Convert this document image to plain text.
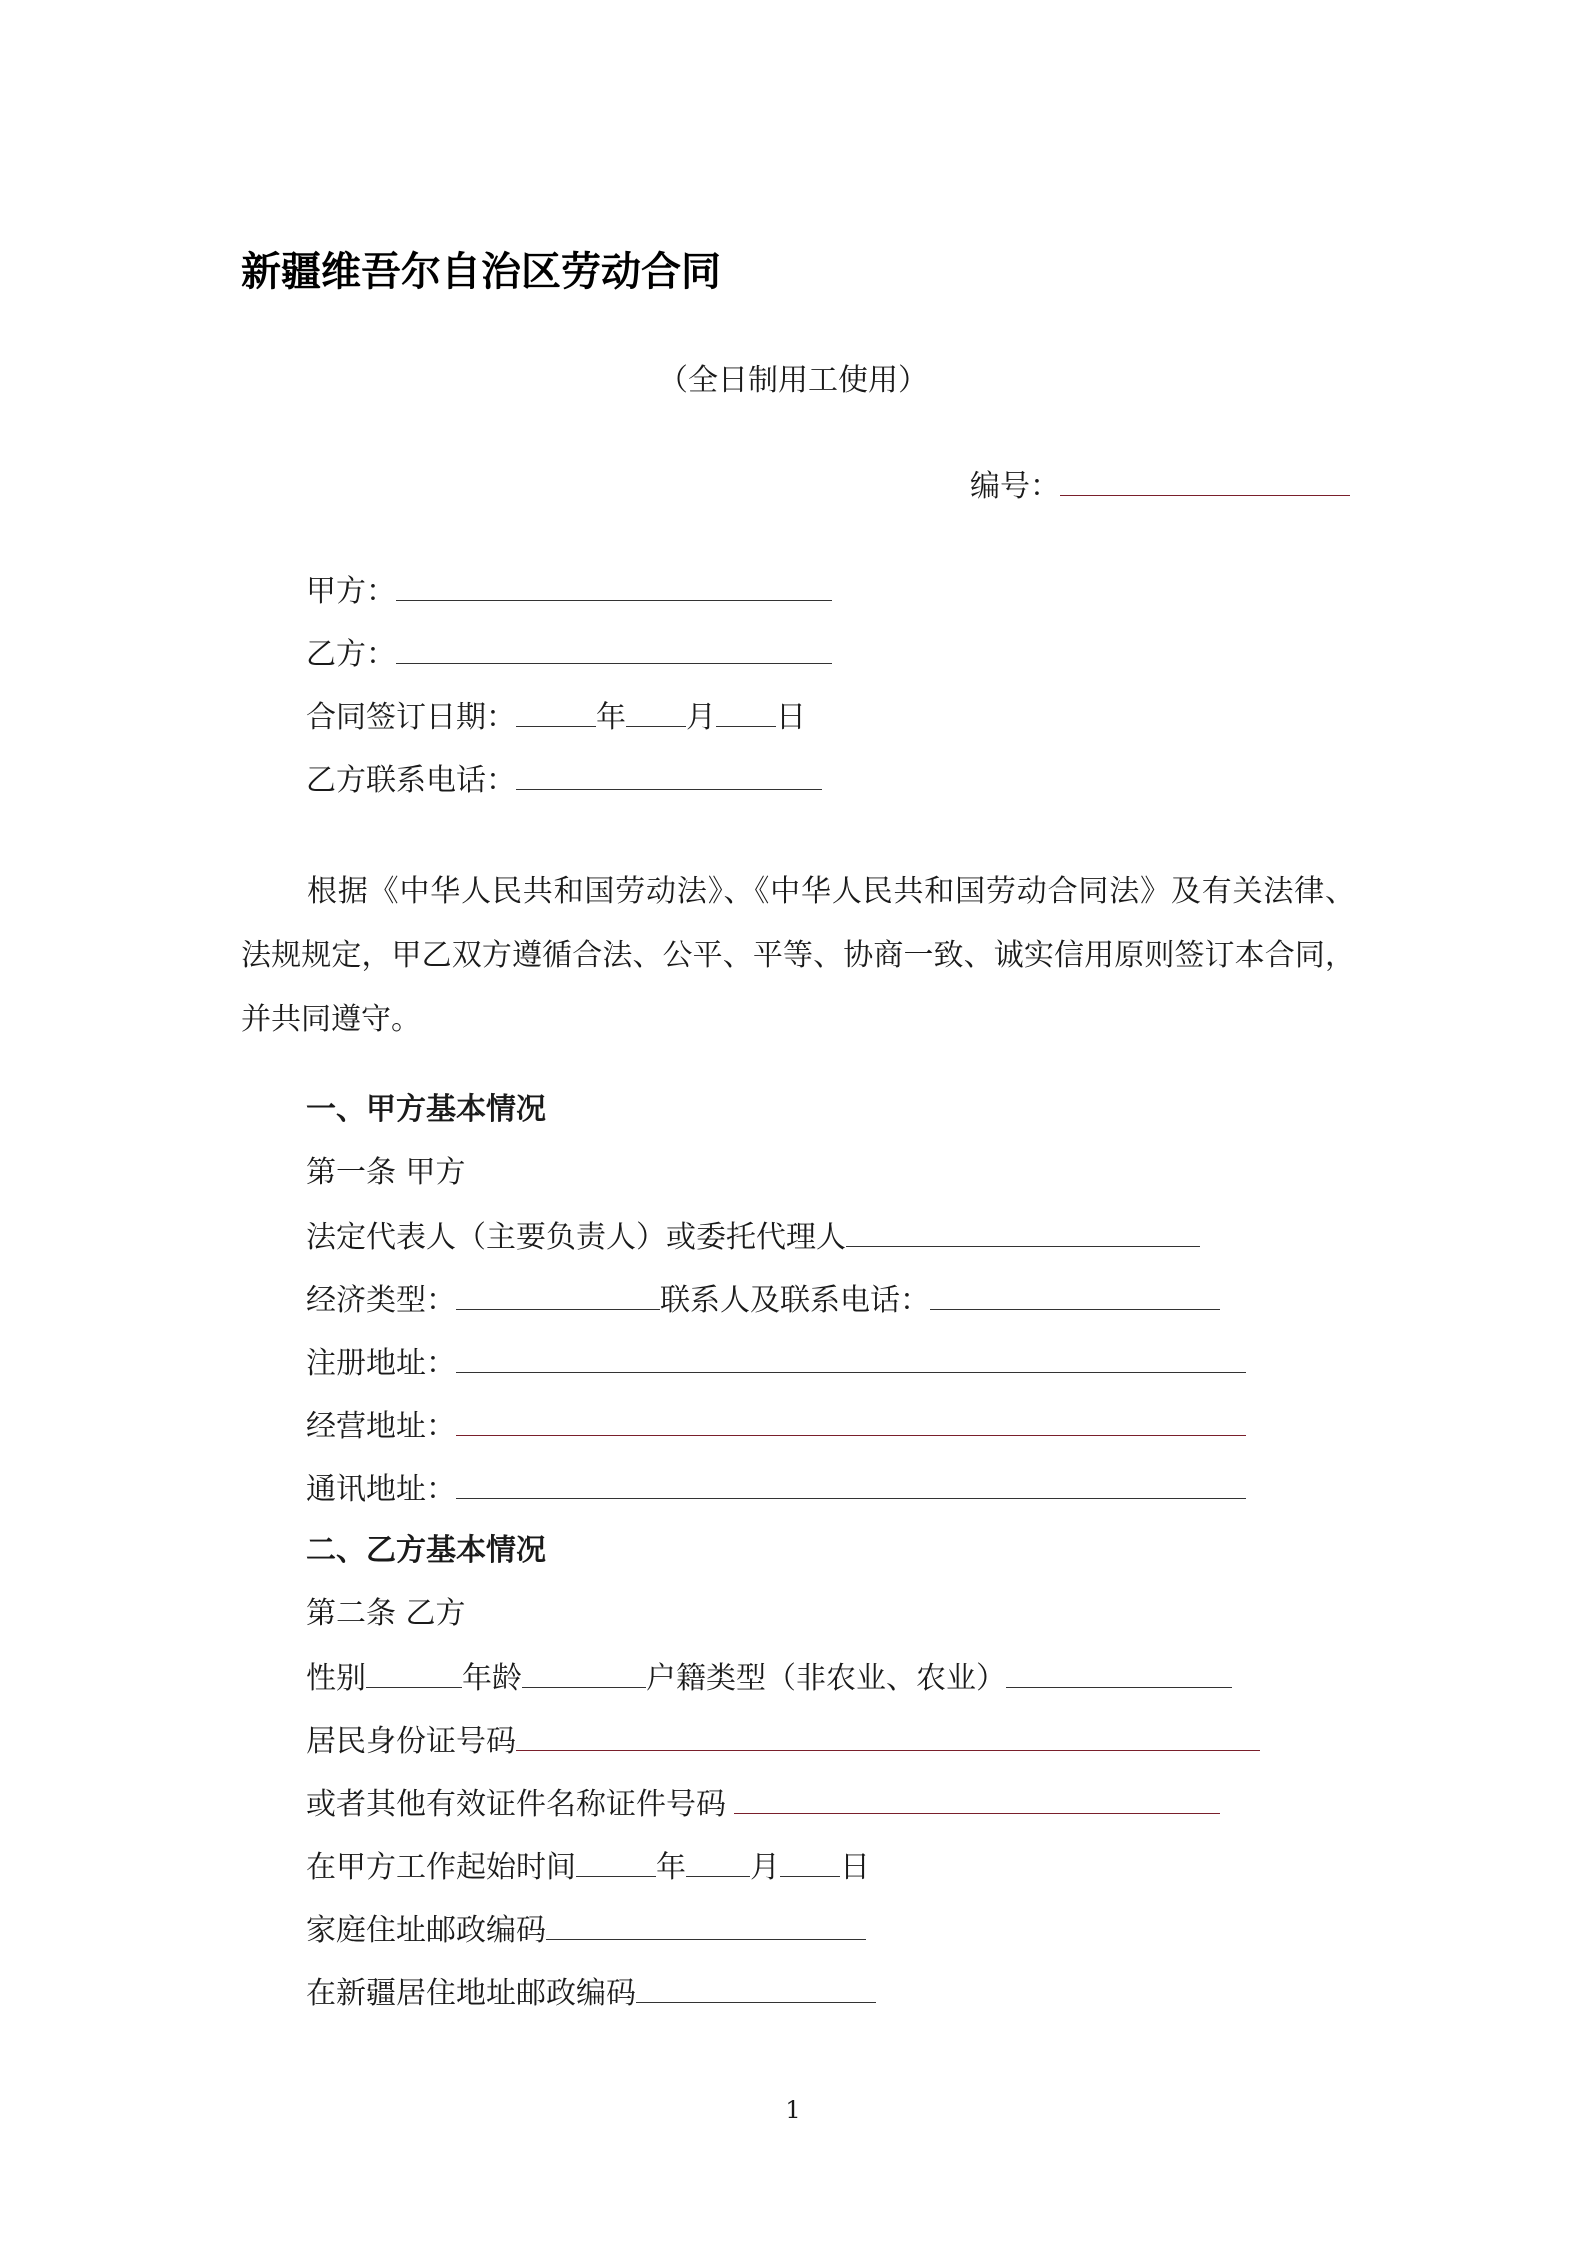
新疆维吾尔自治区劳动合同
（全日制用工使用）
编号：
甲方：
乙方：
合同签订日期：	年 月 日
乙方联系电话：
根据《中华人民共和国劳动法》、《中华人民共和国劳动合同法》及有关法律、法规规定，甲乙双方遵循合法、公平、平等、协商一致、诚实信用原则签订本合同，并共同遵守。
一、甲方基本情况
第一条 甲方
法定代表人（主要负责人）或委托代理人
经济类型：	联系人及联系电话：
注册地址：
经营地址：
通讯地址：
二、乙方基本情况
第二条 乙方
性别	年龄	户籍类型（非农业、农业）
居民身份证号码
或者其他有效证件名称证件号码
在甲方工作起始时间	年 月 日
家庭住址邮政编码
在新疆居住地址邮政编码
1
